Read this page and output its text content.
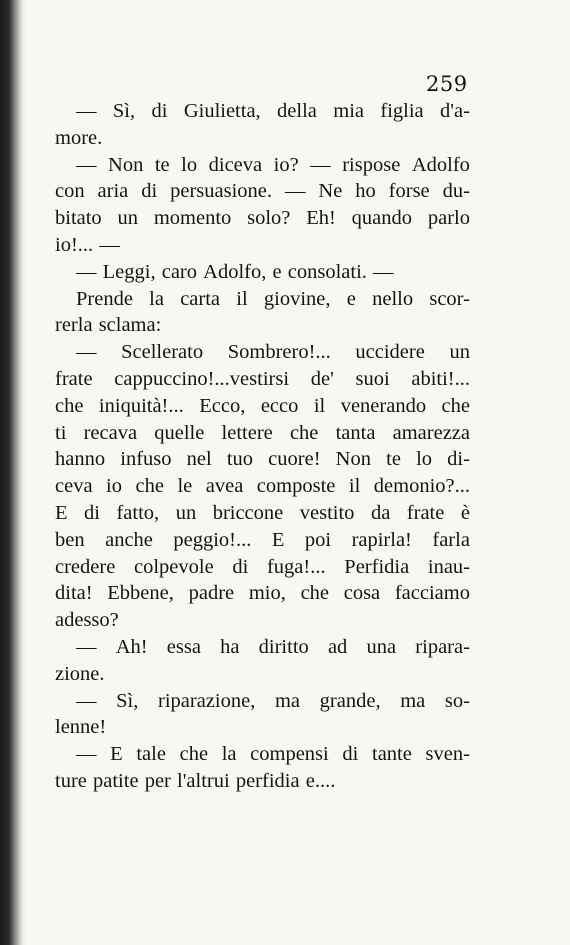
259
— Sì, di Giulietta, della mia figlia d'a-
more.
— Non te lo diceva io? — rispose Adolfo
con aria di persuasione. — Ne ho forse du-
bitato un momento solo? Eh! quando parlo
io!... —
— Leggi, caro Adolfo, e consolati. —
Prende la carta il giovine, e nello scor-
rerla sclama:
— Scellerato Sombrero!... uccidere un
frate cappuccino!...vestirsi de' suoi abiti!...
che iniquità!... Ecco, ecco il venerando che
ti recava quelle lettere che tanta amarezza
hanno infuso nel tuo cuore! Non te lo di-
ceva io che le avea composte il demonio?...
E di fatto, un briccone vestito da frate è
ben anche peggio!... E poi rapirla! farla
credere colpevole di fuga!... Perfidia inau-
dita! Ebbene, padre mio, che cosa facciamo
adesso?
— Ah! essa ha diritto ad una ripara-
zione.
— Sì, riparazione, ma grande, ma so-
lenne!
— E tale che la compensi di tante sven-
ture patite per l'altrui perfidia e....
